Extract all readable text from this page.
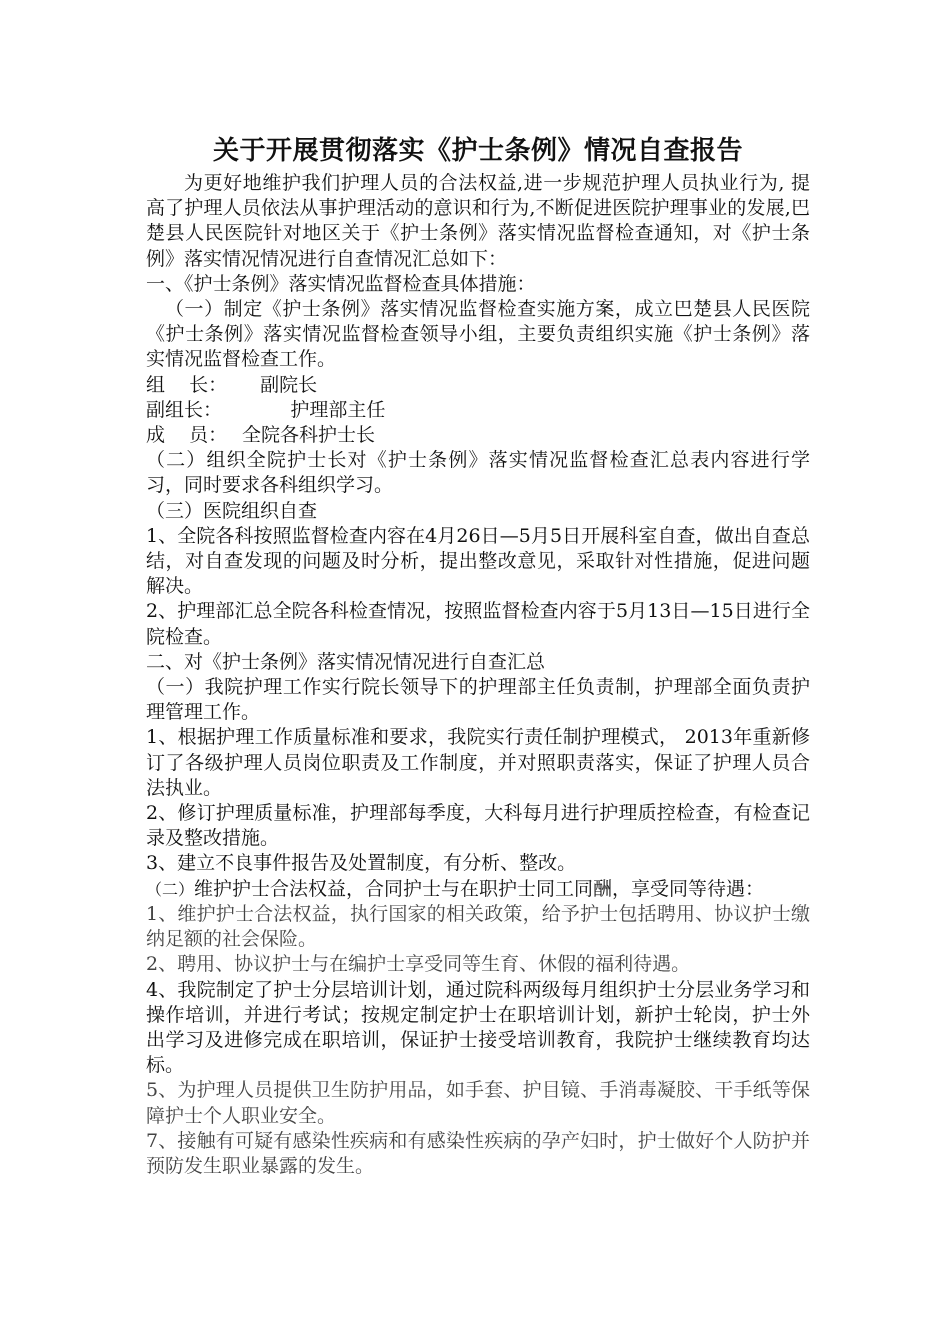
关于开展贯彻落实《护士条例》情况自查报告

为更好地维护我们护理人员的合法权益,进一步规范护理人员执业行为, 提高了护理人员依法从事护理活动的意识和行为,不断促进医院护理事业的发展,巴楚县人民医院针对地区关于《护士条例》落实情况监督检查通知，对《护士条例》落实情况情况进行自查情况汇总如下：

一、《护士条例》落实情况监督检查具体措施：

（一）制定《护士条例》落实情况监督检查实施方案，成立巴楚县人民医院《护士条例》落实情况监督检查领导小组，主要负责组织实施《护士条例》落实情况监督检查工作。

组    长： 副院长
副组长：	护理部主任
成    员： 全院各科护士长

（二）组织全院护士长对《护士条例》落实情况监督检查汇总表内容进行学习，同时要求各科组织学习。

（三）医院组织自查

1、全院各科按照监督检查内容在4月26日—5月5日开展科室自查，做出自查总结，对自查发现的问题及时分析，提出整改意见，采取针对性措施，促进问题解决。

2、护理部汇总全院各科检查情况，按照监督检查内容于5月13日—15日进行全院检查。

二、对《护士条例》落实情况情况进行自查汇总

（一）我院护理工作实行院长领导下的护理部主任负责制，护理部全面负责护理管理工作。

1、根据护理工作质量标准和要求，我院实行责任制护理模式， 2013年重新修订了各级护理人员岗位职责及工作制度，并对照职责落实，保证了护理人员合法执业。

2、修订护理质量标准，护理部每季度，大科每月进行护理质控检查，有检查记录及整改措施。

3、建立不良事件报告及处置制度，有分析、整改。

（二）维护护士合法权益，合同护士与在职护士同工同酬，享受同等待遇：

1、维护护士合法权益，执行国家的相关政策，给予护士包括聘用、协议护士缴纳足额的社会保险。

2、聘用、协议护士与在编护士享受同等生育、休假的福利待遇。

4、我院制定了护士分层培训计划，通过院科两级每月组织护士分层业务学习和操作培训，并进行考试；按规定制定护士在职培训计划，新护士轮岗，护士外出学习及进修完成在职培训，保证护士接受培训教育，我院护士继续教育均达标。

5、为护理人员提供卫生防护用品，如手套、护目镜、手消毒凝胶、干手纸等保障护士个人职业安全。

7、接触有可疑有感染性疾病和有感染性疾病的孕产妇时，护士做好个人防护并预防发生职业暴露的发生。
